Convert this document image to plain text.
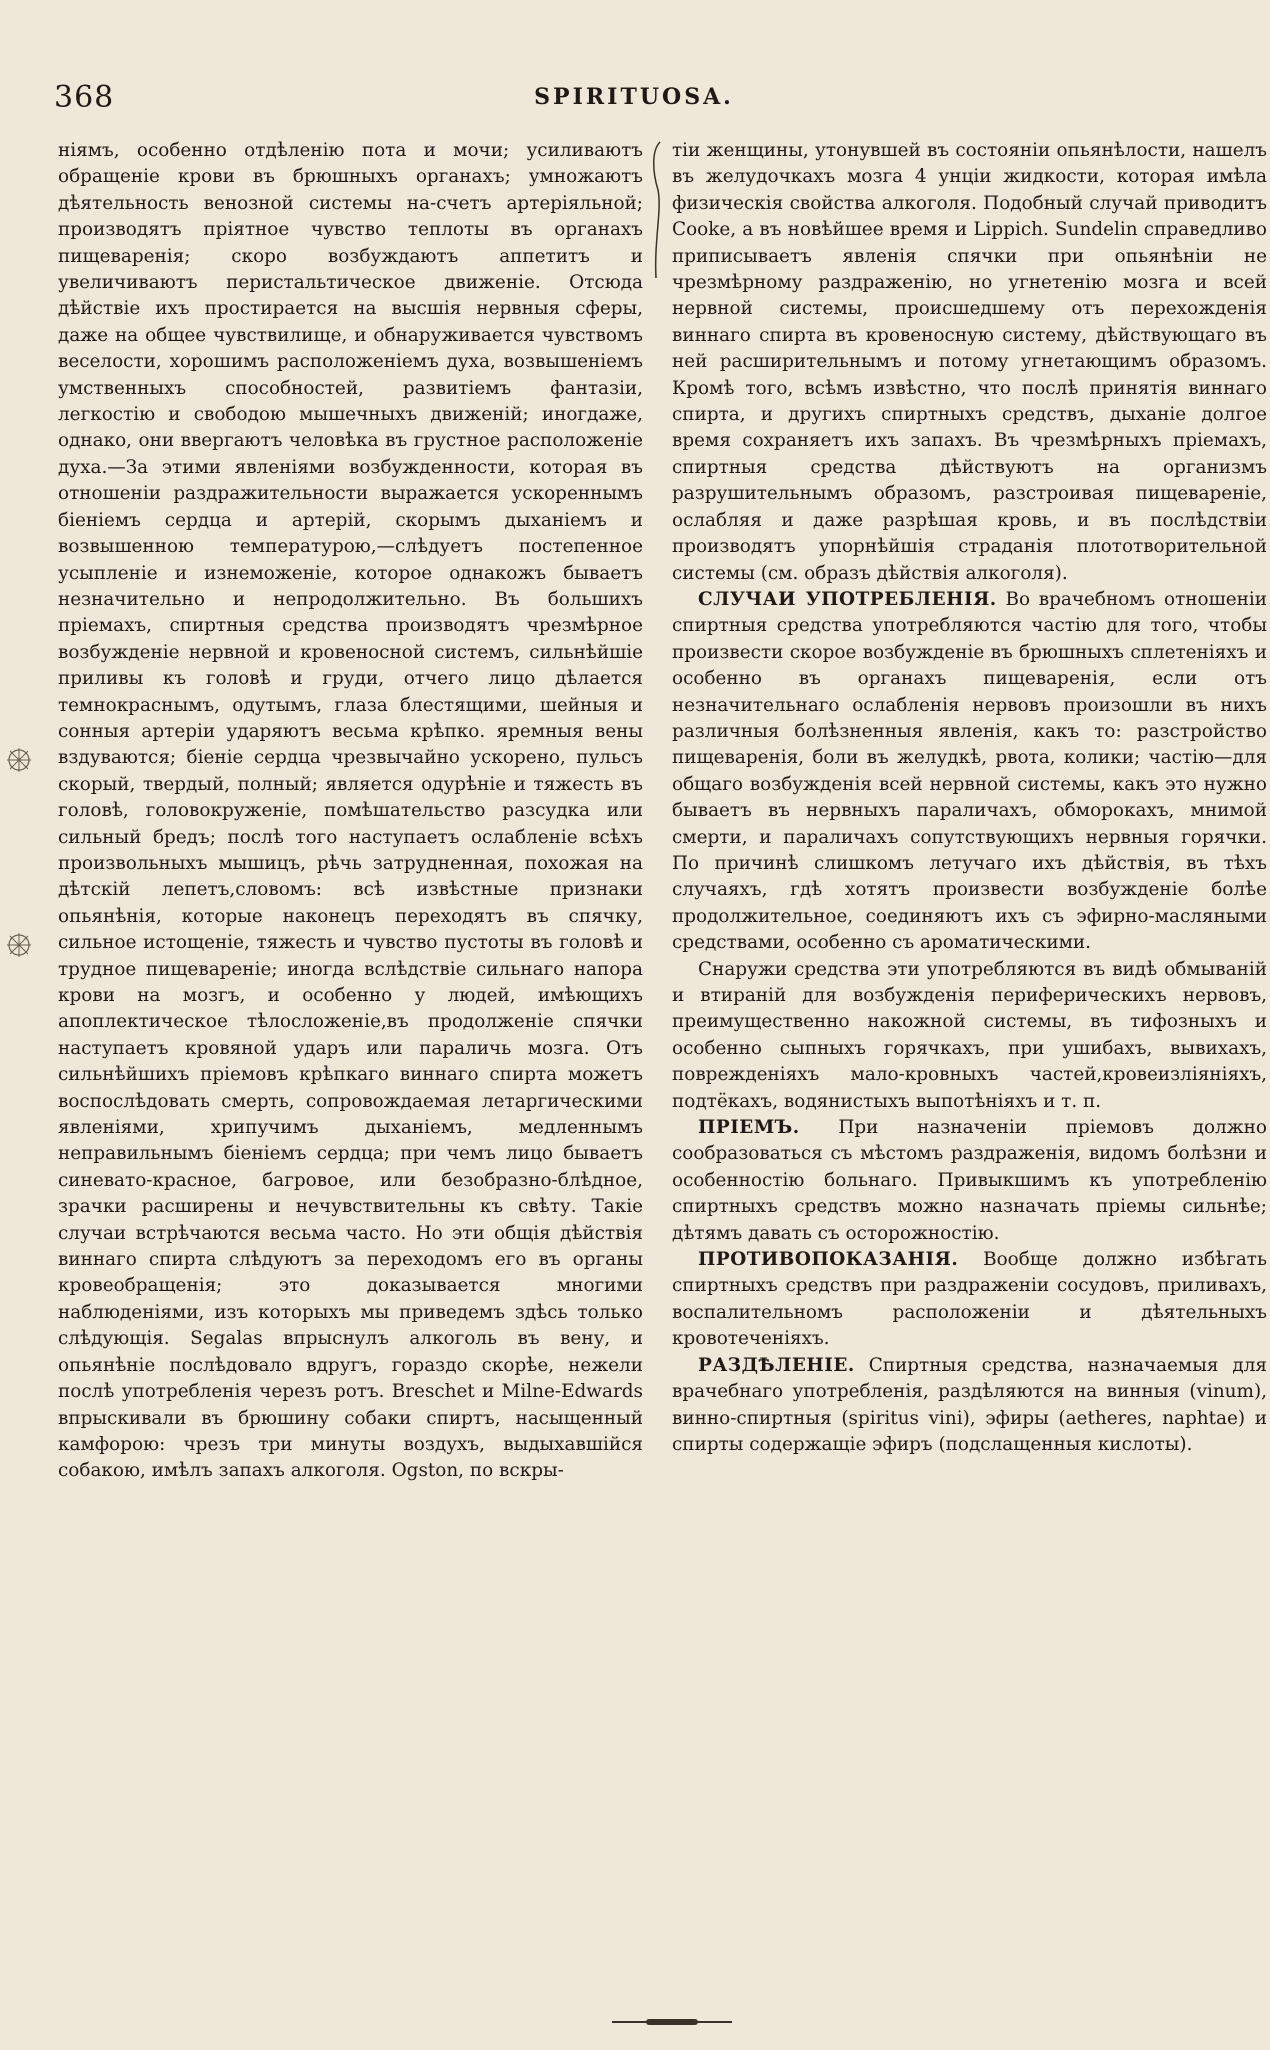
368	SPIRITUOSA.

ніямъ, особенно отдѣленію пота и мочи; усиливаютъ обращеніе крови въ брюшныхъ органахъ; умножаютъ дѣятельность венозной системы на-счетъ артеріяльной; производятъ пріятное чувство теплоты въ органахъ пищеваренія; скоро возбуждаютъ аппетитъ и увеличиваютъ перистальтическое движеніе. Отсюда дѣйствіе ихъ простирается на высшія нервныя сферы, даже на общее чувствилище, и обнаруживается чувствомъ веселости, хорошимъ расположеніемъ духа, возвышеніемъ умственныхъ способностей, развитіемъ фантазіи, легкостію и свободою мышечныхъ движеній; иногдаже, однако, они ввергаютъ человѣка въ грустное расположеніе духа.—За этими явленіями возбужденности, которая въ отношеніи раздражительности выражается ускореннымъ біеніемъ сердца и артерій, скорымъ дыханіемъ и возвышенною температурою,—слѣдуетъ постепенное усыпленіе и изнеможеніе, которое однакожъ бываетъ незначительно и непродолжительно. Въ большихъ пріемахъ, спиртныя средства производятъ чрезмѣрное возбужденіе нервной и кровеносной системъ, сильнѣйшіе приливы къ головѣ и груди, отчего лицо дѣлается темнокраснымъ, одутымъ, глаза блестящими, шейныя и сонныя артеріи ударяютъ весьма крѣпко. яремныя вены вздуваются; біеніе сердца чрезвычайно ускорено, пульсъ скорый, твердый, полный; является одурѣніе и тяжесть въ головѣ, головокруженіе, помѣшательство разсудка или сильный бредъ; послѣ того наступаетъ ослабленіе всѣхъ произвольныхъ мышицъ, рѣчь затрудненная, похожая на дѣтскій лепетъ,словомъ: всѣ извѣстные признаки опьянѣнія, которые наконецъ переходятъ въ спячку, сильное истощеніе, тяжесть и чувство пустоты въ головѣ и трудное пищевареніе; иногда вслѣдствіе сильнаго напора крови на мозгъ, и особенно у людей, имѣющихъ апоплектическое тѣлосложеніе,въ продолженіе спячки наступаетъ кровяной ударъ или параличь мозга. Отъ сильнѣйшихъ пріемовъ крѣпкаго виннаго спирта можетъ воспослѣдовать смерть, сопровождаемая летаргическими явленіями, хрипучимъ дыханіемъ, медленнымъ неправильнымъ біеніемъ сердца; при чемъ лицо бываетъ синевато-красное, багровое, или безобразно-блѣдное, зрачки расширены и нечувствительны къ свѣту. Такіе случаи встрѣчаются весьма часто. Но эти общія дѣйствія виннаго спирта слѣдуютъ за переходомъ его въ органы кровеобращенія; это доказывается многими наблюденіями, изъ которыхъ мы приведемъ здѣсь только слѣдующія. Segalas впрыснулъ алкоголь въ вену, и опьянѣніе послѣдовало вдругъ, гораздо скорѣе, нежели послѣ употребленія черезъ ротъ. Breschet и Milne-Edwards впрыскивали въ брюшину собаки спиртъ, насыщенный камфорою: чрезъ три минуты воздухъ, выдыхавшійся собакою, имѣлъ запахъ алкоголя. Ogston, по вскры-

тіи женщины, утонувшей въ состояніи опьянѣлости, нашелъ въ желудочкахъ мозга 4 унціи жидкости, которая имѣла физическія свойства алкоголя. Подобный случай приводитъ Cooke, а въ новѣйшее время и Lippich. Sundelin справедливо приписываетъ явленія спячки при опьянѣніи не чрезмѣрному раздраженію, но угнетенію мозга и всей нервной системы, происшедшему отъ перехожденія виннаго спирта въ кровеносную систему, дѣйствующаго въ ней расширительнымъ и потому угнетающимъ образомъ. Кромѣ того, всѣмъ извѣстно, что послѣ принятія виннаго спирта, и другихъ спиртныхъ средствъ, дыханіе долгое время сохраняетъ ихъ запахъ. Въ чрезмѣрныхъ пріемахъ, спиртныя средства дѣйствуютъ на организмъ разрушительнымъ образомъ, разстроивая пищевареніе, ослабляя и даже разрѣшая кровь, и въ послѣдствіи производятъ упорнѣйшія страданія плототворительной системы (см. образъ дѣйствія алкоголя).

СЛУЧАИ УПОТРЕБЛЕНІЯ. Во врачебномъ отношеніи спиртныя средства употребляются частію для того, чтобы произвести скорое возбужденіе въ брюшныхъ сплетеніяхъ и особенно въ органахъ пищеваренія, если отъ незначительнаго ослабленія нервовъ произошли въ нихъ различныя болѣзненныя явленія, какъ то: разстройство пищеваренія, боли въ желудкѣ, рвота, колики; частію—для общаго возбужденія всей нервной системы, какъ это нужно бываетъ въ нервныхъ параличахъ, обморокахъ, мнимой смерти, и параличахъ сопутствующихъ нервныя горячки. По причинѣ слишкомъ летучаго ихъ дѣйствія, въ тѣхъ случаяхъ, гдѣ хотятъ произвести возбужденіе болѣе продолжительное, соединяютъ ихъ съ эфирно-масляными средствами, особенно съ ароматическими.

Снаружи средства эти употребляются въ видѣ обмываній и втираній для возбужденія периферическихъ нервовъ, преимущественно накожной системы, въ тифозныхъ и особенно сыпныхъ горячкахъ, при ушибахъ, вывихахъ, поврежденіяхъ мало-кровныхъ частей,кровеизліяніяхъ, подтёкахъ, водянистыхъ выпотѣніяхъ и т. п.

ПРІЕМЪ. При назначеніи пріемовъ должно сообразоваться съ мѣстомъ раздраженія, видомъ болѣзни и особенностію больнаго. Привыкшимъ къ употребленію спиртныхъ средствъ можно назначать пріемы сильнѣе; дѣтямъ давать съ осторожностію.

ПРОТИВОПОКАЗАНІЯ. Вообще должно избѣгать спиртныхъ средствъ при раздраженіи сосудовъ, приливахъ, воспалительномъ расположеніи и дѣятельныхъ кровотеченіяхъ.

РАЗДѢЛЕНІЕ. Спиртныя средства, назначаемыя для врачебнаго употребленія, раздѣляются на винныя (vinum), винно-спиртныя (spiritus vini), эфиры (aetheres, naphtae) и спирты содержащіе эфиръ (подслащенныя кислоты).
